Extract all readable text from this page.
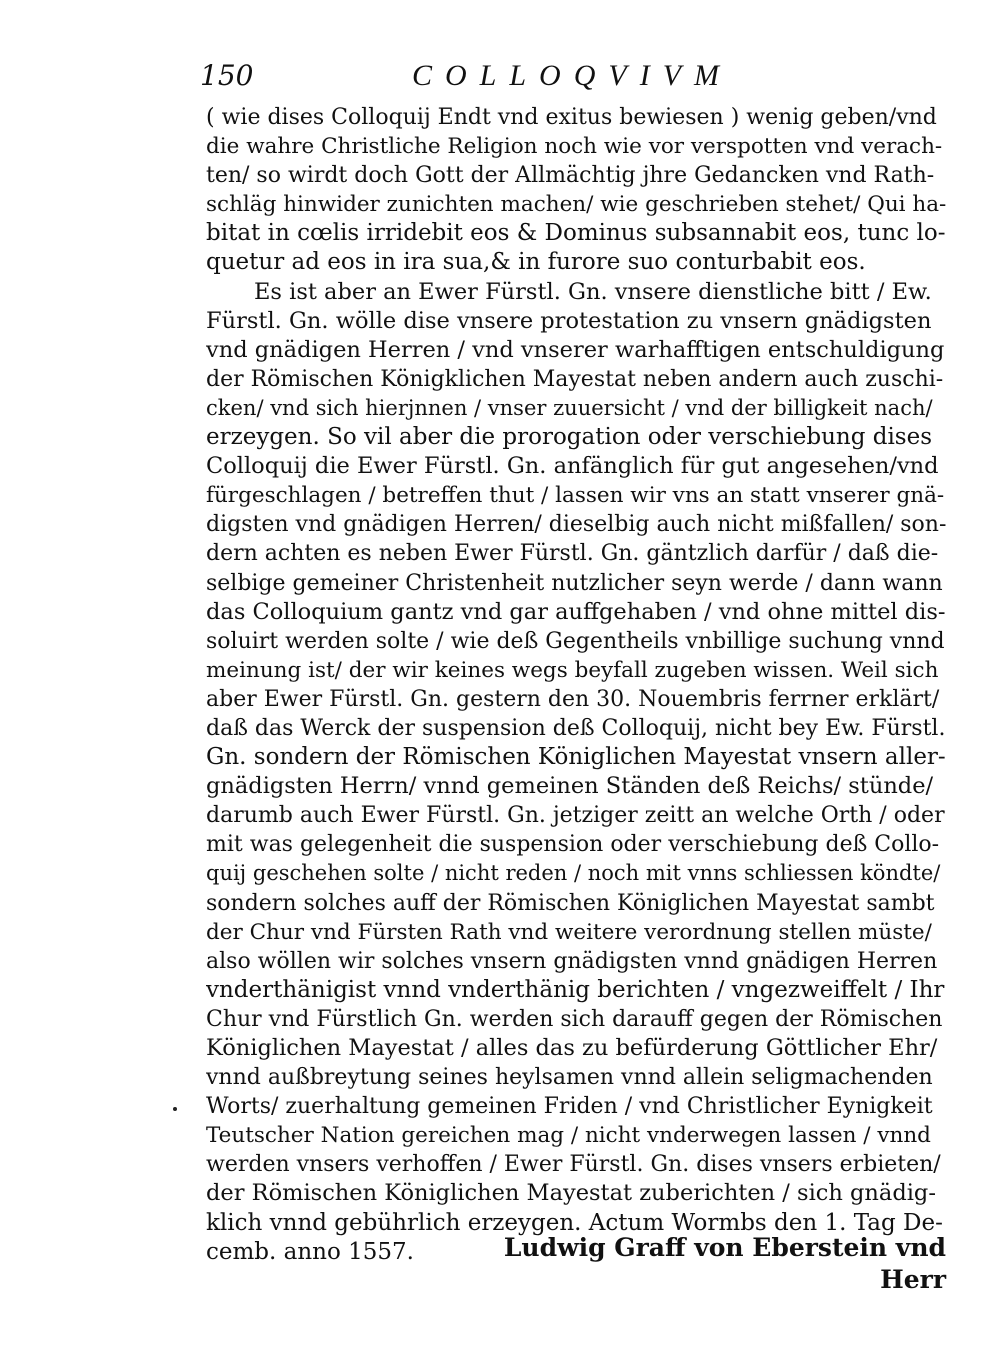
150	COLLOQVIVM
( wie dises Colloquij Endt vnd exitus bewiesen ) wenig geben/vnd
die wahre Christliche Religion noch wie vor verspotten vnd verach-
ten/ so wirdt doch Gott der Allmächtig jhre Gedancken vnd Rath-
schläg hinwider zunichten machen/ wie geschrieben stehet/ Qui ha-
bitat in cœlis irridebit eos & Dominus subsannabit eos, tunc lo-
quetur ad eos in ira sua,& in furore suo conturbabit eos.
Es ist aber an Ewer Fürstl. Gn. vnsere dienstliche bitt / Ew.
Fürstl. Gn. wölle dise vnsere protestation zu vnsern gnädigsten
vnd gnädigen Herren / vnd vnserer warhafftigen entschuldigung
der Römischen Königklichen Mayestat neben andern auch zuschi-
cken/ vnd sich hierjnnen / vnser zuuersicht / vnd der billigkeit nach/
erzeygen. So vil aber die prorogation oder verschiebung dises
Colloquij die Ewer Fürstl. Gn. anfänglich für gut angesehen/vnd
fürgeschlagen / betreffen thut / lassen wir vns an statt vnserer gnä-
digsten vnd gnädigen Herren/ dieselbig auch nicht mißfallen/ son-
dern achten es neben Ewer Fürstl. Gn. gäntzlich darfür / daß die-
selbige gemeiner Christenheit nutzlicher seyn werde / dann wann
das Colloquium gantz vnd gar auffgehaben / vnd ohne mittel dis-
soluirt werden solte / wie deß Gegentheils vnbillige suchung vnnd
meinung ist/ der wir keines wegs beyfall zugeben wissen. Weil sich
aber Ewer Fürstl. Gn. gestern den 30. Nouembris ferrner erklärt/
daß das Werck der suspension deß Colloquij, nicht bey Ew. Fürstl.
Gn. sondern der Römischen Königlichen Mayestat vnsern aller-
gnädigsten Herrn/ vnnd gemeinen Ständen deß Reichs/ stünde/
darumb auch Ewer Fürstl. Gn. jetziger zeitt an welche Orth / oder
mit was gelegenheit die suspension oder verschiebung deß Collo-
quij geschehen solte / nicht reden / noch mit vnns schliessen köndte/
sondern solches auff der Römischen Königlichen Mayestat sambt
der Chur vnd Fürsten Rath vnd weitere verordnung stellen müste/
also wöllen wir solches vnsern gnädigsten vnnd gnädigen Herren
vnderthänigist vnnd vnderthänig berichten / vngezweiffelt / Ihr
Chur vnd Fürstlich Gn. werden sich darauff gegen der Römischen
Königlichen Mayestat / alles das zu befürderung Göttlicher Ehr/
vnnd außbreytung seines heylsamen vnnd allein seligmachenden
Worts/ zuerhaltung gemeinen Friden / vnd Christlicher Eynigkeit
Teutscher Nation gereichen mag / nicht vnderwegen lassen / vnnd
werden vnsers verhoffen / Ewer Fürstl. Gn. dises vnsers erbieten/
der Römischen Königlichen Mayestat zuberichten / sich gnädig-
klich vnnd gebührlich erzeygen. Actum Wormbs den 1. Tag De-
cemb. anno 1557.	Ludwig Graff von Eberstein vnd
Herr
